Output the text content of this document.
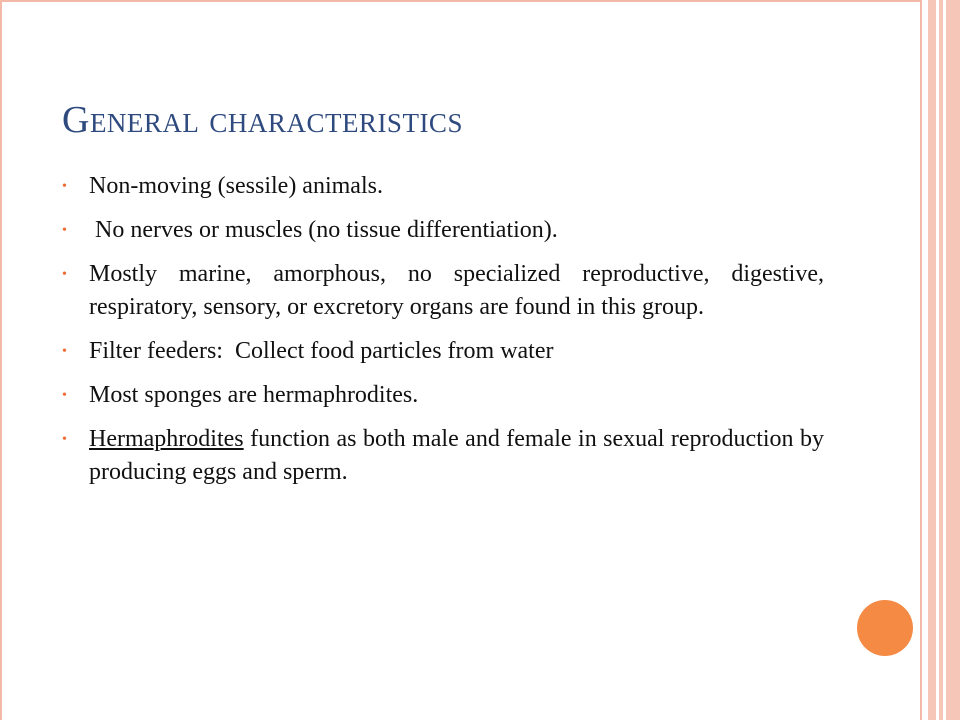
General characteristics
• Non-moving (sessile) animals.
• No nerves or muscles (no tissue differentiation).
• Mostly marine, amorphous, no specialized reproductive, digestive, respiratory, sensory, or excretory organs are found in this group.
• Filter feeders:  Collect food particles from water
• Most sponges are hermaphrodites.
• Hermaphrodites function as both male and female in sexual reproduction by producing eggs and sperm.
